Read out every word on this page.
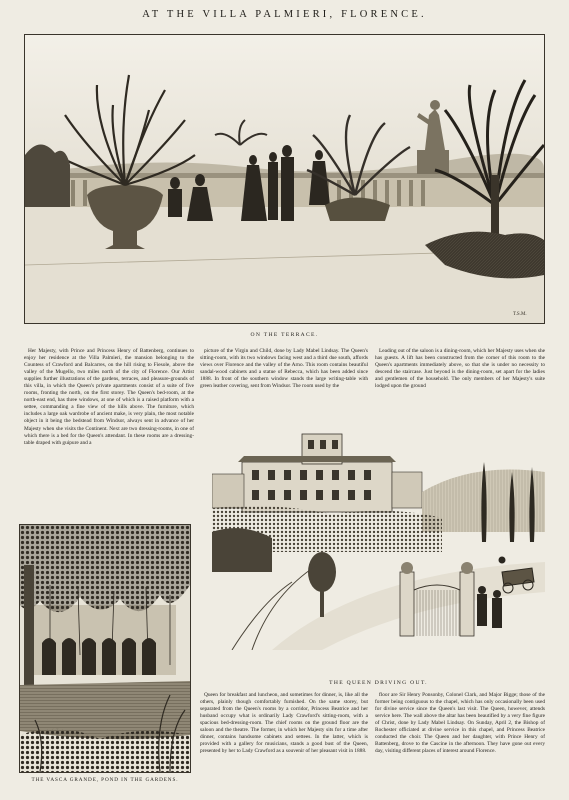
AT THE VILLA PALMIERI, FLORENCE.
T.S.M.
ON THE TERRACE.

Her Majesty, with Prince and Princess Henry of Battenberg, continues to enjoy her residence at the Villa Palmieri, the mansion belonging to the Countess of Crawford and Balcarres, on the hill rising to Fiesole, above the valley of the Mugello, two miles north of the city of Florence. Our Artist supplies further illustrations of the gardens, terraces, and pleasure-grounds of this villa, in which the Queen's private apartments consist of a suite of five rooms, fronting the north, on the first storey. The Queen's bed-room, at the north-east end, has three windows, at one of which is a raised platform with a settee, commanding a fine view of the hills above. The furniture, which includes a large oak wardrobe of ancient make, is very plain, the most notable object in it being the bedstead from Windsor, always sent in advance of her Majesty when she visits the Continent. Next are two dressing-rooms, in one of which there is a bed for the Queen's attendant. In these rooms are a dressing-table draped with guipure and a

picture of the Virgin and Child, done by Lady Mabel Lindsay. The Queen's sitting-room, with its two windows facing west and a third due south, affords views over Florence and the valley of the Arno. This room contains beautiful sandal-wood cabinets and a statue of Rebecca, which has been added since 1888. In front of the southern window stands the large writing-table with green leather covering, sent from Windsor. The room used by the

Leading out of the saloon is a dining-room, which her Majesty uses when she has guests. A lift has been constructed from the corner of this room to the Queen's apartments immediately above, so that she is under no necessity to descend the staircase. Just beyond is the dining-room, set apart for the ladies and gentlemen of the household. The only members of her Majesty's suite lodged upon the ground

THE QUEEN DRIVING OUT.
THE VASCA GRANDE, POND IN THE GARDENS.

Queen for breakfast and luncheon, and sometimes for dinner, is, like all the others, plainly though comfortably furnished. On the same storey, but separated from the Queen's rooms by a corridor, Princess Beatrice and her husband occupy what is ordinarily Lady Crawford's sitting-room, with a spacious bed-dressing-room. The chief rooms on the ground floor are the saloon and the theatre. The former, in which her Majesty sits for a time after dinner, contains handsome cabinets and settees. In the latter, which is provided with a gallery for musicians, stands a good bust of the Queen, presented by her to Lady Crawford as a souvenir of her pleasant visit in 1888.

floor are Sir Henry Ponsonby, Colonel Clark, and Major Bigge; those of the former being contiguous to the chapel, which has only occasionally been used for divine service since the Queen's last visit. The Queen, however, attends service here. The wall above the altar has been beautified by a very fine figure of Christ, done by Lady Mabel Lindsay. On Sunday, April 2, the Bishop of Rochester officiated at divine service in this chapel, and Princess Beatrice conducted the choir. The Queen and her daughter, with Prince Henry of Battenberg, drove to the Cascine in the afternoon. They have gone out every day, visiting different places of interest around Florence.
